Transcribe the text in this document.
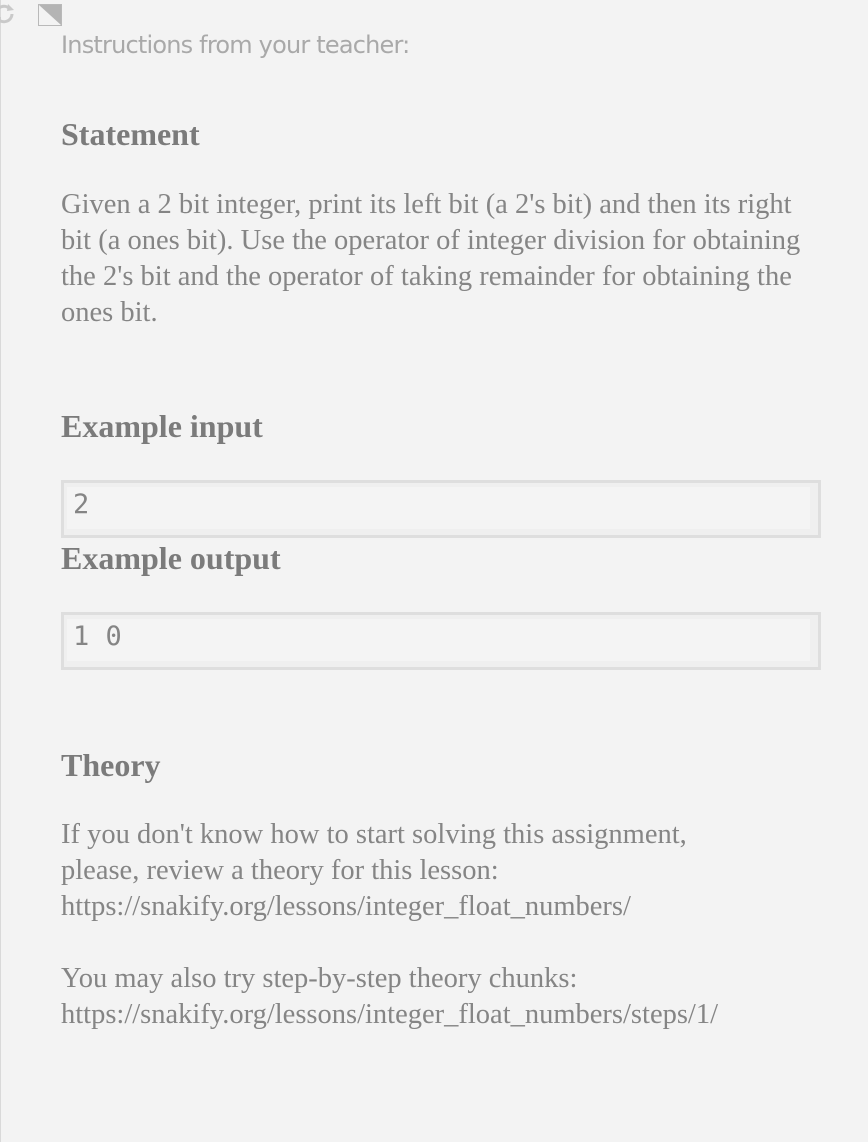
Instructions from your teacher:
Statement
Given a 2 bit integer, print its left bit (a 2's bit) and then its right bit (a ones bit). Use the operator of integer division for obtaining the 2's bit and the operator of taking remainder for obtaining the ones bit.
Example input
2
Example output
1 0
Theory
If you don't know how to start solving this assignment,
please, review a theory for this lesson:
https://snakify.org/lessons/integer_float_numbers/
You may also try step-by-step theory chunks:
https://snakify.org/lessons/integer_float_numbers/steps/1/
